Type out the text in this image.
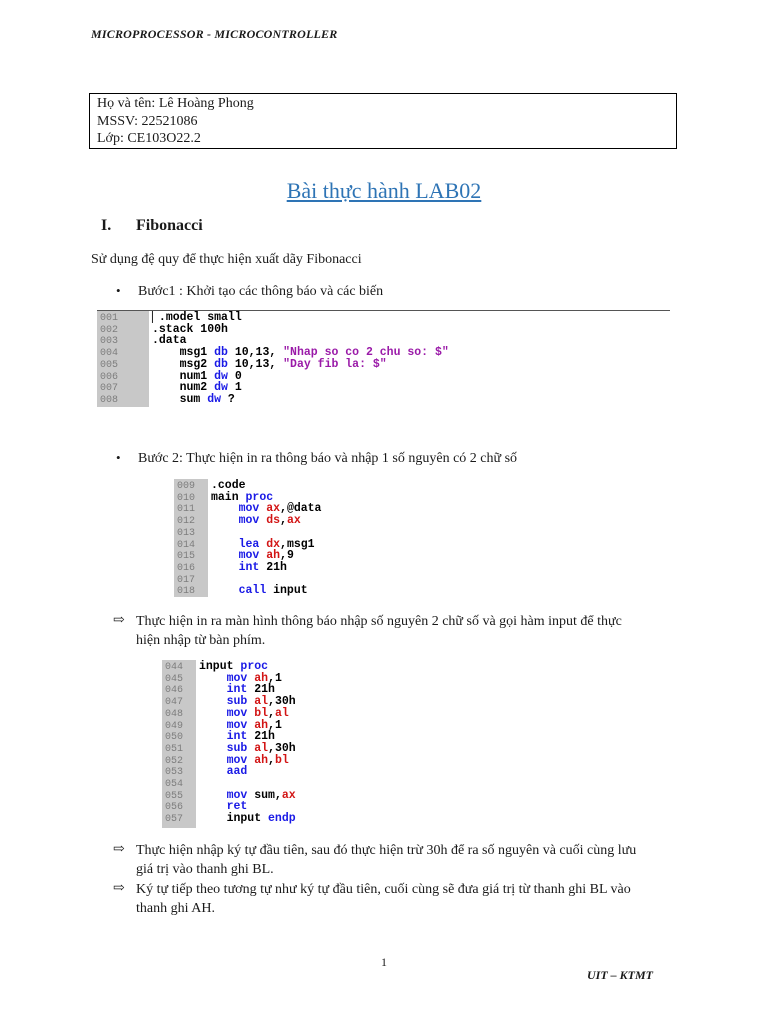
MICROPROCESSOR - MICROCONTROLLER
Họ và tên: Lê Hoàng Phong
MSSV: 22521086
Lớp: CE103O22.2
Bài thực hành LAB02
I. Fibonacci
Sử dụng đệ quy để thực hiện xuất dãy Fibonacci
• Bước1 : Khởi tạo các thông báo và các biến
001	▏.model small
002	.stack 100h
003	.data
004	msg1 db 10,13, "Nhap so co 2 chu so: $"
005	msg2 db 10,13, "Day fib la: $"
006	num1 dw 0
007	num2 dw 1
008	sum dw ?
• Bước 2: Thực hiện in ra thông báo và nhập 1 số nguyên có 2 chữ số
009 .code
010 main proc
011	mov ax,@data
012	mov ds,ax
013
014	lea dx,msg1
015	mov ah,9
016	int 21h
017
018	call input
⇨ Thực hiện in ra màn hình thông báo nhập số nguyên 2 chữ số và gọi hàm input để thực
hiện nhập từ bàn phím.
044 input proc
045	mov ah,1
046	int 21h
047	sub al,30h
048	mov bl,al
049	mov ah,1
050	int 21h
051	sub al,30h
052	mov ah,bl
053	aad
054
055	mov sum,ax
056	ret
057    input endp
⇨ Thực hiện nhập ký tự đầu tiên, sau đó thực hiện trừ 30h để ra số nguyên và cuối cùng lưu
giá trị vào thanh ghi BL.
⇨ Ký tự tiếp theo tương tự như ký tự đầu tiên, cuối cùng sẽ đưa giá trị từ thanh ghi BL vào
thanh ghi AH.
1
UIT – KTMT
